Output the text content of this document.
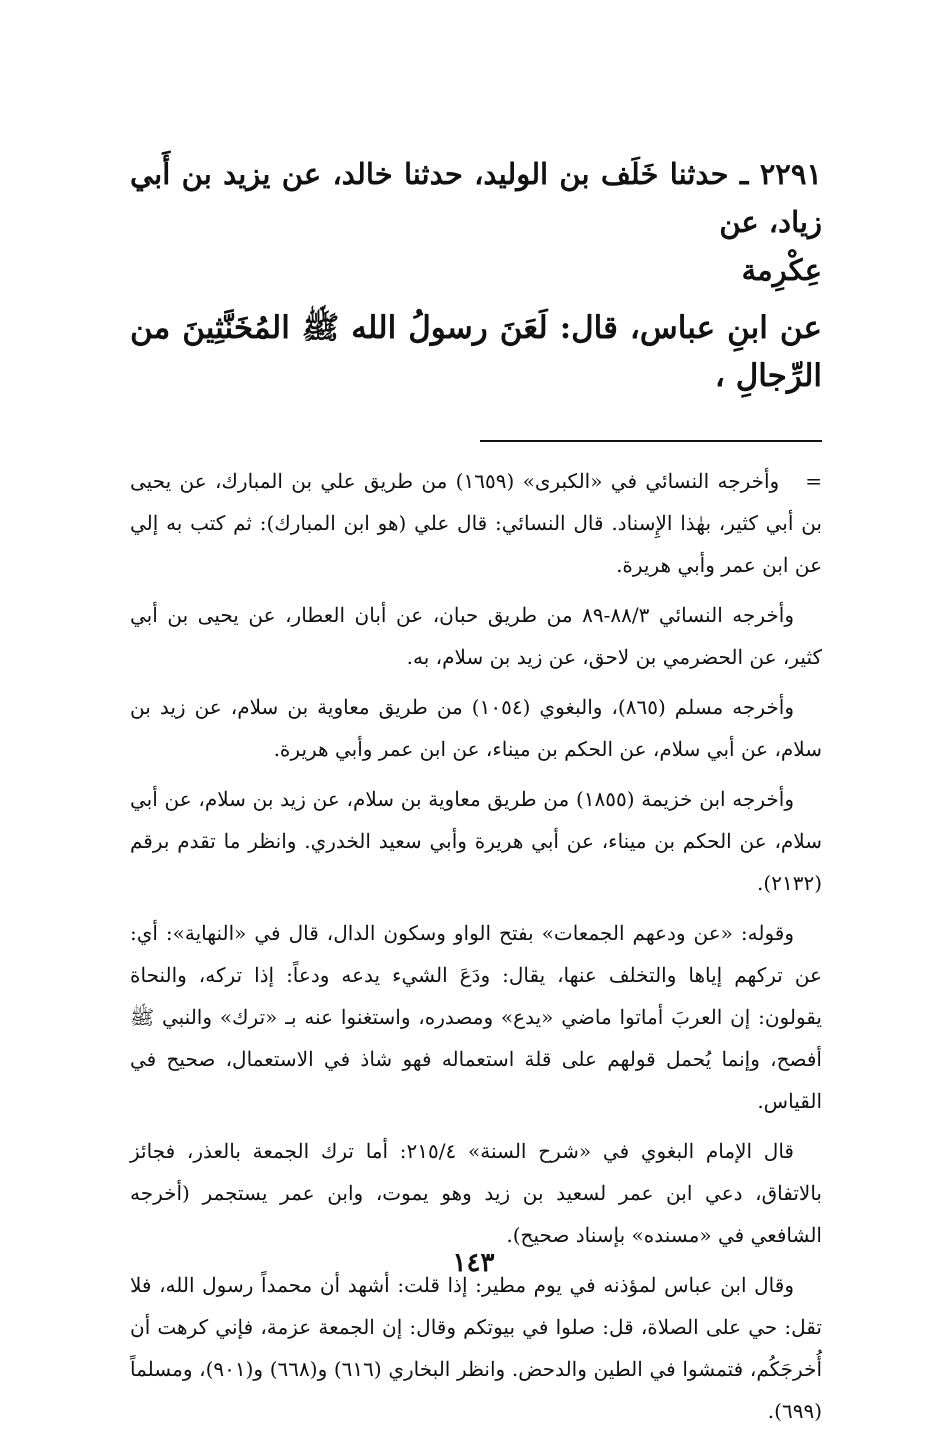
٢٢٩١ ـ حدثنا خَلَف بن الوليد، حدثنا خالد، عن يزيد بن أَبي زياد، عن
عِكْرِمة
عن ابنِ عباس، قال: لَعَنَ رسولُ الله ﷺ المُخَنَّثِينَ من الرِّجالِ ،

=وأخرجه النسائي في «الكبرى» (١٦٥٩) من طريق علي بن المبارك، عن يحيى بن أبي كثير، بهٰذا الإِسناد. قال النسائي: قال علي (هو ابن المبارك): ثم كتب به إلي عن ابن عمر وأبي هريرة.

وأخرجه النسائي ٨٨/٣-٨٩ من طريق حبان، عن أبان العطار، عن يحيى بن أبي كثير، عن الحضرمي بن لاحق، عن زيد بن سلام، به.

وأخرجه مسلم (٨٦٥)، والبغوي (١٠٥٤) من طريق معاوية بن سلام، عن زيد بن سلام، عن أبي سلام، عن الحكم بن ميناء، عن ابن عمر وأبي هريرة.

وأخرجه ابن خزيمة (١٨٥٥) من طريق معاوية بن سلام، عن زيد بن سلام، عن أبي سلام، عن الحكم بن ميناء، عن أبي هريرة وأبي سعيد الخدري. وانظر ما تقدم برقم (٢١٣٢).

وقوله: «عن ودعهم الجمعات» بفتح الواو وسكون الدال، قال في «النهاية»: أي: عن تركهم إياها والتخلف عنها، يقال: ودَعَ الشيء يدعه ودعاً: إذا تركه، والنحاة يقولون: إن العربَ أماتوا ماضي «يدع» ومصدره، واستغنوا عنه بـ «ترك» والنبي ﷺ أفصح، وإنما يُحمل قولهم على قلة استعماله فهو شاذ في الاستعمال، صحيح في القياس.

قال الإمام البغوي في «شرح السنة» ٢١٥/٤: أما ترك الجمعة بالعذر، فجائز بالاتفاق، دعي ابن عمر لسعيد بن زيد وهو يموت، وابن عمر يستجمر (أخرجه الشافعي في «مسنده» بإسناد صحيح).

وقال ابن عباس لمؤذنه في يوم مطير: إذا قلت: أشهد أن محمداً رسول الله، فلا تقل: حي على الصلاة، قل: صلوا في بيوتكم وقال: إن الجمعة عزمة، فإني كرهت أن أُخرجَكُم، فتمشوا في الطين والدحض. وانظر البخاري (٦١٦) و(٦٦٨) و(٩٠١)، ومسلماً (٦٩٩).

١٤٣
